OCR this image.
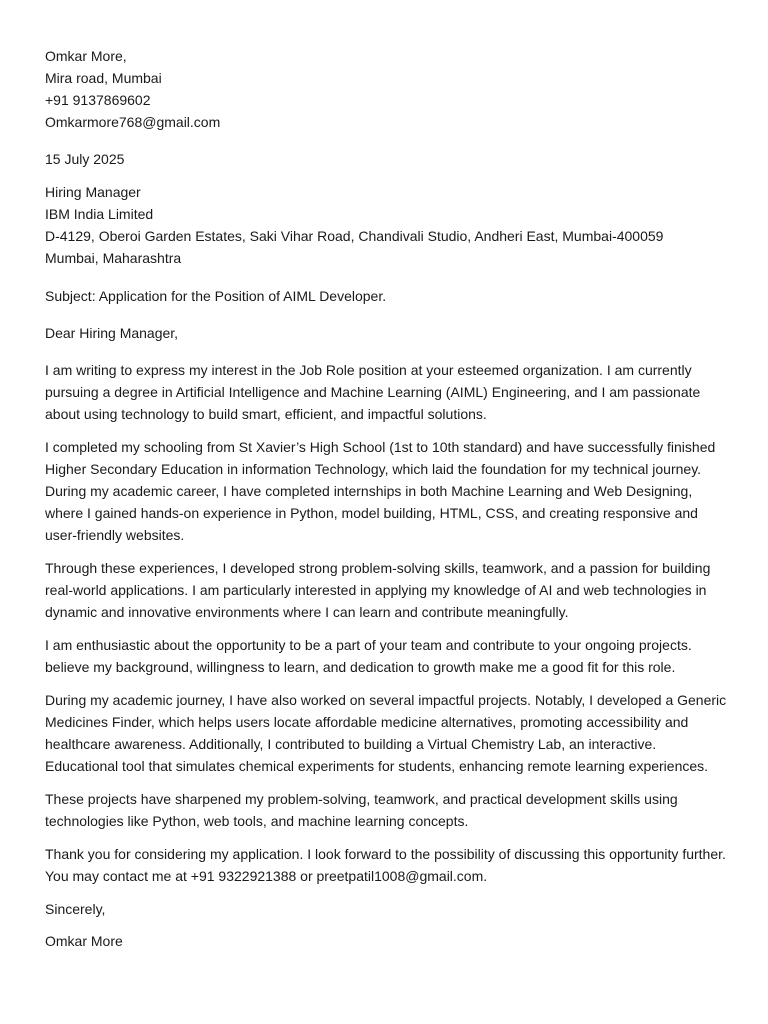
Omkar More,
Mira road, Mumbai
+91 9137869602
Omkarmore768@gmail.com
15 July 2025
Hiring Manager
IBM India Limited
D-4129, Oberoi Garden Estates, Saki Vihar Road, Chandivali Studio, Andheri East, Mumbai-400059
Mumbai, Maharashtra
Subject: Application for the Position of AIML Developer.
Dear Hiring Manager,

I am writing to express my interest in the Job Role position at your esteemed organization. I am currently pursuing a degree in Artificial Intelligence and Machine Learning (AIML) Engineering, and I am passionate about using technology to build smart, efficient, and impactful solutions.

I completed my schooling from St Xavier’s High School (1st to 10th standard) and have successfully finished Higher Secondary Education in information Technology, which laid the foundation for my technical journey. During my academic career, I have completed internships in both Machine Learning and Web Designing, where I gained hands-on experience in Python, model building, HTML, CSS, and creating responsive and user-friendly websites.

Through these experiences, I developed strong problem-solving skills, teamwork, and a passion for building real-world applications. I am particularly interested in applying my knowledge of AI and web technologies in dynamic and innovative environments where I can learn and contribute meaningfully.

I am enthusiastic about the opportunity to be a part of your team and contribute to your ongoing projects. believe my background, willingness to learn, and dedication to growth make me a good fit for this role.

During my academic journey, I have also worked on several impactful projects. Notably, I developed a Generic Medicines Finder, which helps users locate affordable medicine alternatives, promoting accessibility and healthcare awareness. Additionally, I contributed to building a Virtual Chemistry Lab, an interactive. Educational tool that simulates chemical experiments for students, enhancing remote learning experiences.

These projects have sharpened my problem-solving, teamwork, and practical development skills using technologies like Python, web tools, and machine learning concepts.

Thank you for considering my application. I look forward to the possibility of discussing this opportunity further. You may contact me at +91 9322921388 or preetpatil1008@gmail.com.

Sincerely,
Omkar More
